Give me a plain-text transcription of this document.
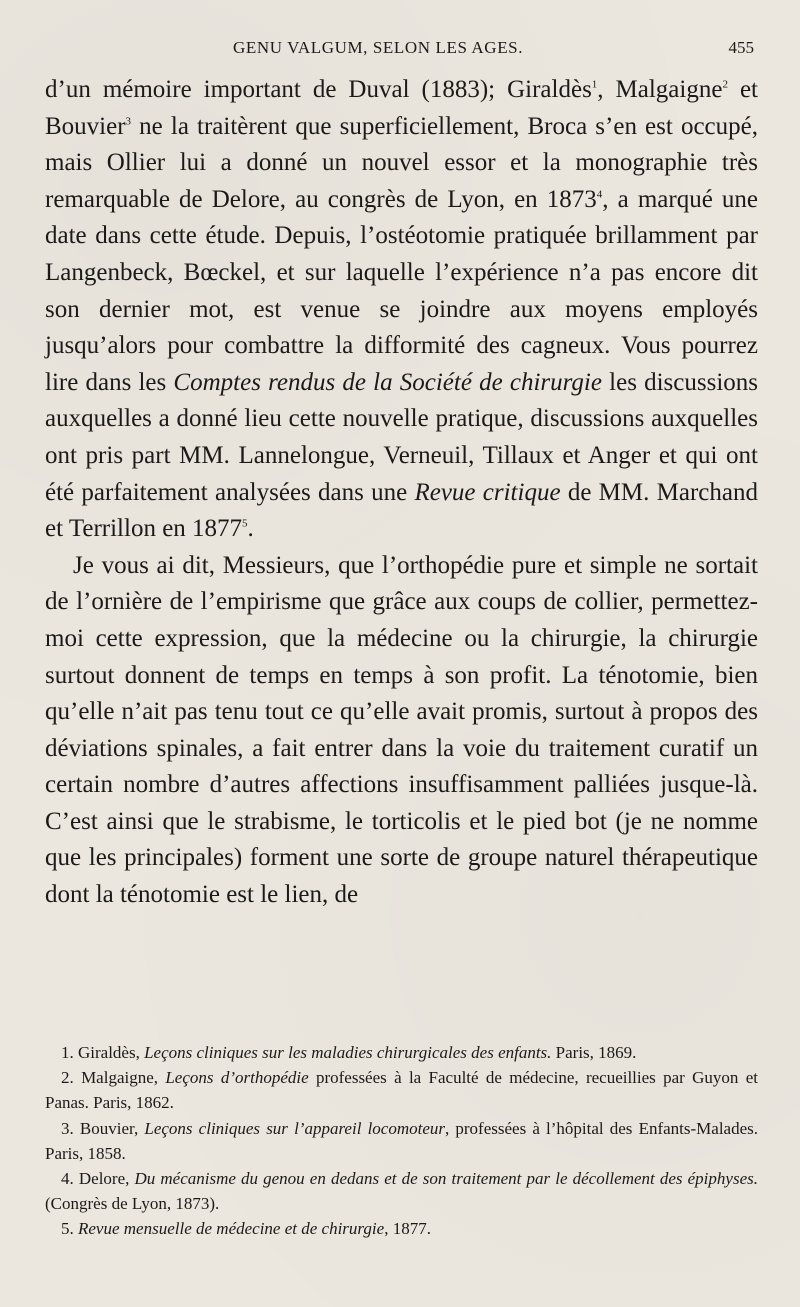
GENU VALGUM, SELON LES AGES.	455

d’un mémoire important de Duval (1883); Giraldès$^1$, Malgaigne$^2$ et Bouvier$^3$ ne la traitèrent que superficiellement, Broca s’en est occupé, mais Ollier lui a donné un nouvel essor et la monographie très remarquable de Delore, au congrès de Lyon, en 1873$^4$, a marqué une date dans cette étude. Depuis, l’ostéotomie pratiquée brillamment par Langenbeck, Bœckel, et sur laquelle l’expérience n’a pas encore dit son dernier mot, est venue se joindre aux moyens employés jusqu’alors pour combattre la difformité des cagneux. Vous pourrez lire dans les Comptes rendus de la Société de chirurgie les discussions auxquelles a donné lieu cette nouvelle pratique, discussions auxquelles ont pris part MM. Lannelongue, Verneuil, Tillaux et Anger et qui ont été parfaitement analysées dans une Revue critique de MM. Marchand et Terrillon en 1877$^5$.

Je vous ai dit, Messieurs, que l’orthopédie pure et simple ne sortait de l’ornière de l’empirisme que grâce aux coups de collier, permettez-moi cette expression, que la médecine ou la chirurgie, la chirurgie surtout donnent de temps en temps à son profit. La ténotomie, bien qu’elle n’ait pas tenu tout ce qu’elle avait promis, surtout à propos des déviations spinales, a fait entrer dans la voie du traitement curatif un certain nombre d’autres affections insuffisamment palliées jusque-là. C’est ainsi que le strabisme, le torticolis et le pied bot (je ne nomme que les principales) forment une sorte de groupe naturel thérapeutique dont la ténotomie est le lien, de

1. Giraldès, Leçons cliniques sur les maladies chirurgicales des enfants. Paris, 1869.

2. Malgaigne, Leçons d’orthopédie professées à la Faculté de médecine, recueillies par Guyon et Panas. Paris, 1862.

3. Bouvier, Leçons cliniques sur l’appareil locomoteur, professées à l’hôpital des Enfants-Malades. Paris, 1858.

4. Delore, Du mécanisme du genou en dedans et de son traitement par le décollement des épiphyses. (Congrès de Lyon, 1873).

5. Revue mensuelle de médecine et de chirurgie, 1877.
